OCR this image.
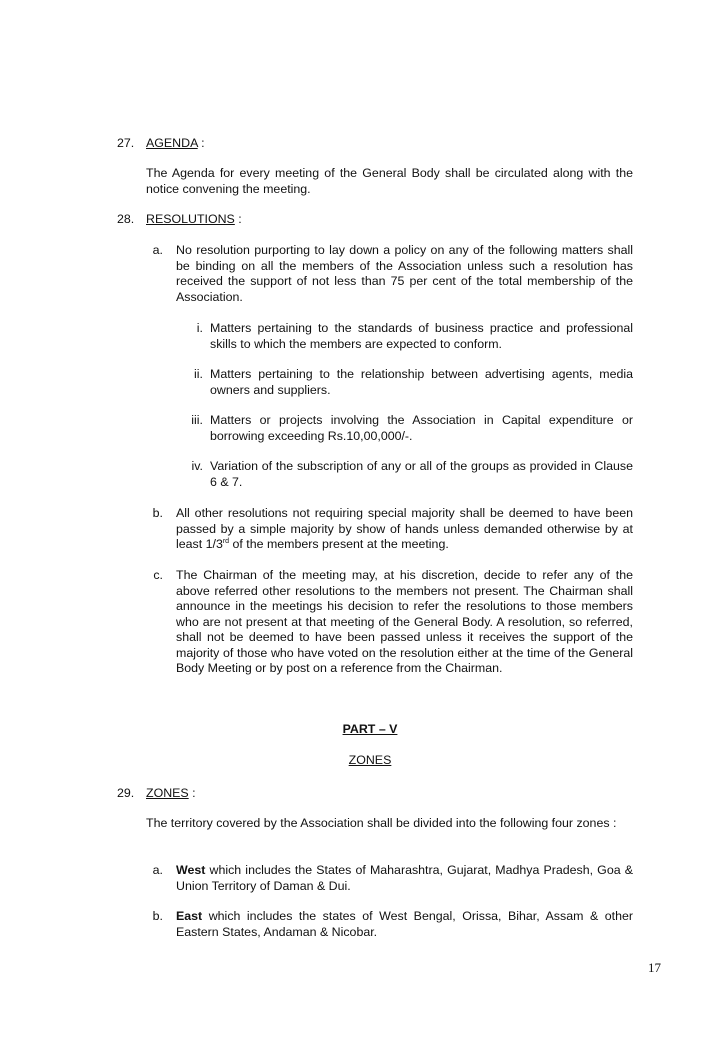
27. AGENDA :
The Agenda for every meeting of the General Body shall be circulated along with the notice convening the meeting.
28. RESOLUTIONS :
a. No resolution purporting to lay down a policy on any of the following matters shall be binding on all the members of the Association unless such a resolution has received the support of not less than 75 per cent of the total membership of the Association.
i. Matters pertaining to the standards of business practice and professional skills to which the members are expected to conform.
ii. Matters pertaining to the relationship between advertising agents, media owners and suppliers.
iii. Matters or projects involving the Association in Capital expenditure or borrowing exceeding Rs.10,00,000/-.
iv. Variation of the subscription of any or all of the groups as provided in Clause 6 & 7.
b. All other resolutions not requiring special majority shall be deemed to have been passed by a simple majority by show of hands unless demanded otherwise by at least 1/3rd of the members present at the meeting.
c. The Chairman of the meeting may, at his discretion, decide to refer any of the above referred other resolutions to the members not present. The Chairman shall announce in the meetings his decision to refer the resolutions to those members who are not present at that meeting of the General Body. A resolution, so referred, shall not be deemed to have been passed unless it receives the support of the majority of those who have voted on the resolution either at the time of the General Body Meeting or by post on a reference from the Chairman.
PART – V
ZONES
29. ZONES :
The territory covered by the Association shall be divided into the following four zones :
a. West which includes the States of Maharashtra, Gujarat, Madhya Pradesh, Goa & Union Territory of Daman & Dui.
b. East which includes the states of West Bengal, Orissa, Bihar, Assam & other Eastern States, Andaman & Nicobar.
17
